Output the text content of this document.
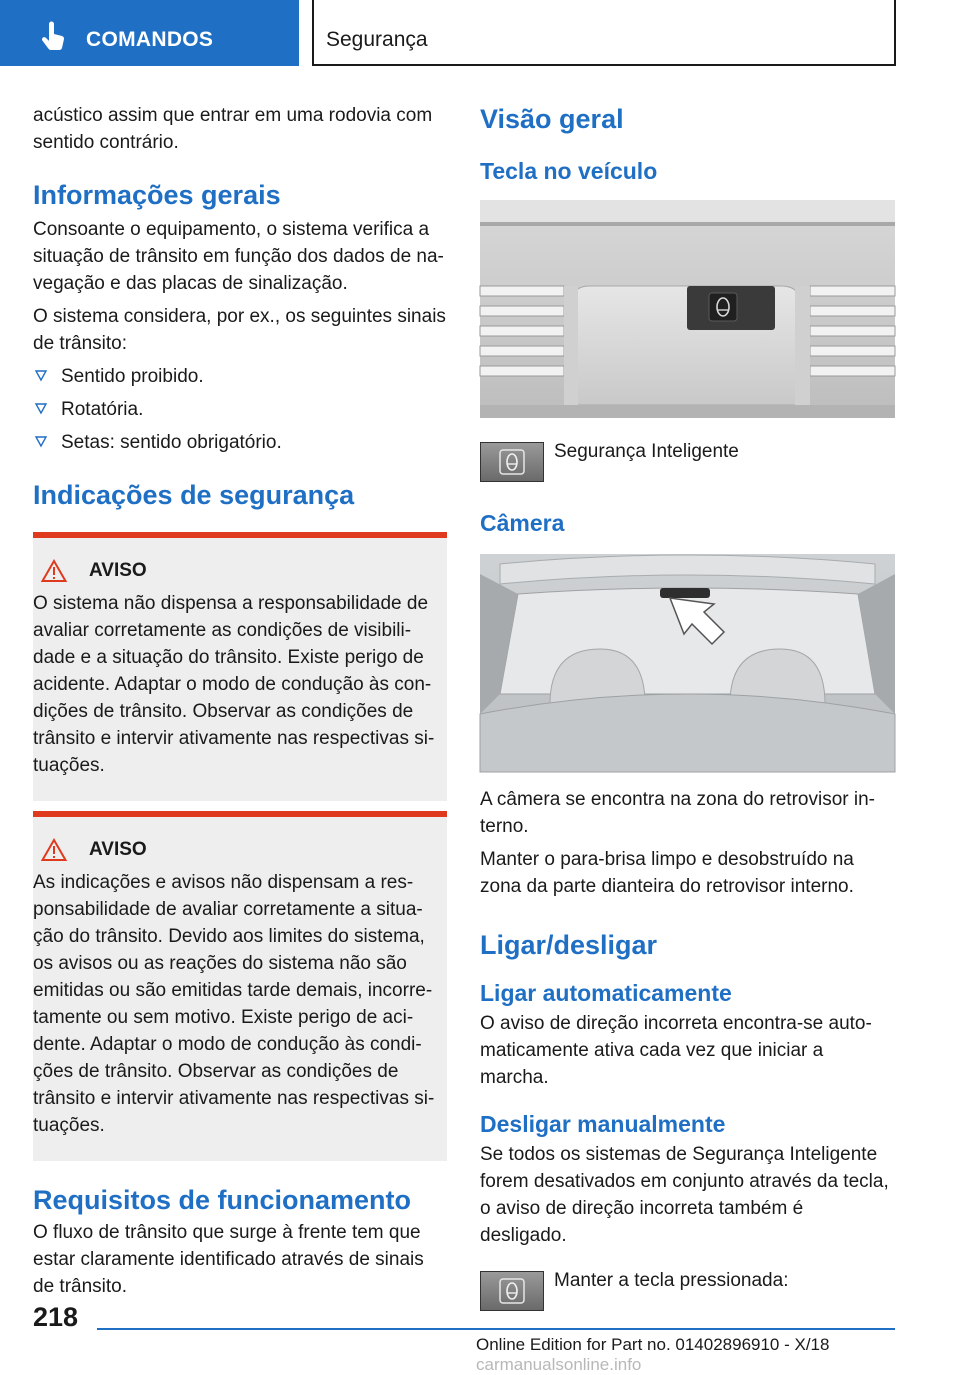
COMANDOS	Segurança

acústico assim que entrar em uma rodovia com sentido contrário.

Informações gerais

Consoante o equipamento, o sistema verifica a situação de trânsito em função dos dados de na-vegação e das placas de sinalização.

O sistema considera, por ex., os seguintes sinais de trânsito:

Sentido proibido.
Rotatória.
Setas: sentido obrigatório.
Indicações de segurança
AVISO

O sistema não dispensa a responsabilidade de avaliar corretamente as condições de visibili-dade e a situação do trânsito. Existe perigo de acidente. Adaptar o modo de condução às con-dições de trânsito. Observar as condições de trânsito e intervir ativamente nas respectivas si-tuações.

AVISO

As indicações e avisos não dispensam a res-ponsabilidade de avaliar corretamente a situa-ção do trânsito. Devido aos limites do sistema, os avisos ou as reações do sistema não são emitidas ou são emitidas tarde demais, incorre-tamente ou sem motivo. Existe perigo de aci-dente. Adaptar o modo de condução às condi-ções de trânsito. Observar as condições de trânsito e intervir ativamente nas respectivas si-tuações.

Requisitos de funcionamento

O fluxo de trânsito que surge à frente tem que estar claramente identificado através de sinais de trânsito.

Visão geral
Tecla no veículo

Segurança Inteligente

Câmera

A câmera se encontra na zona do retrovisor in-terno.

Manter o para-brisa limpo e desobstruído na zona da parte dianteira do retrovisor interno.

Ligar/desligar
Ligar automaticamente

O aviso de direção incorreta encontra-se auto-maticamente ativa cada vez que iniciar a marcha.

Desligar manualmente

Se todos os sistemas de Segurança Inteligente forem desativados em conjunto através da tecla, o aviso de direção incorreta também é desligado.

Manter a tecla pressionada:

218
Online Edition for Part no. 01402896910 - X/18 carmanualsonline.info
